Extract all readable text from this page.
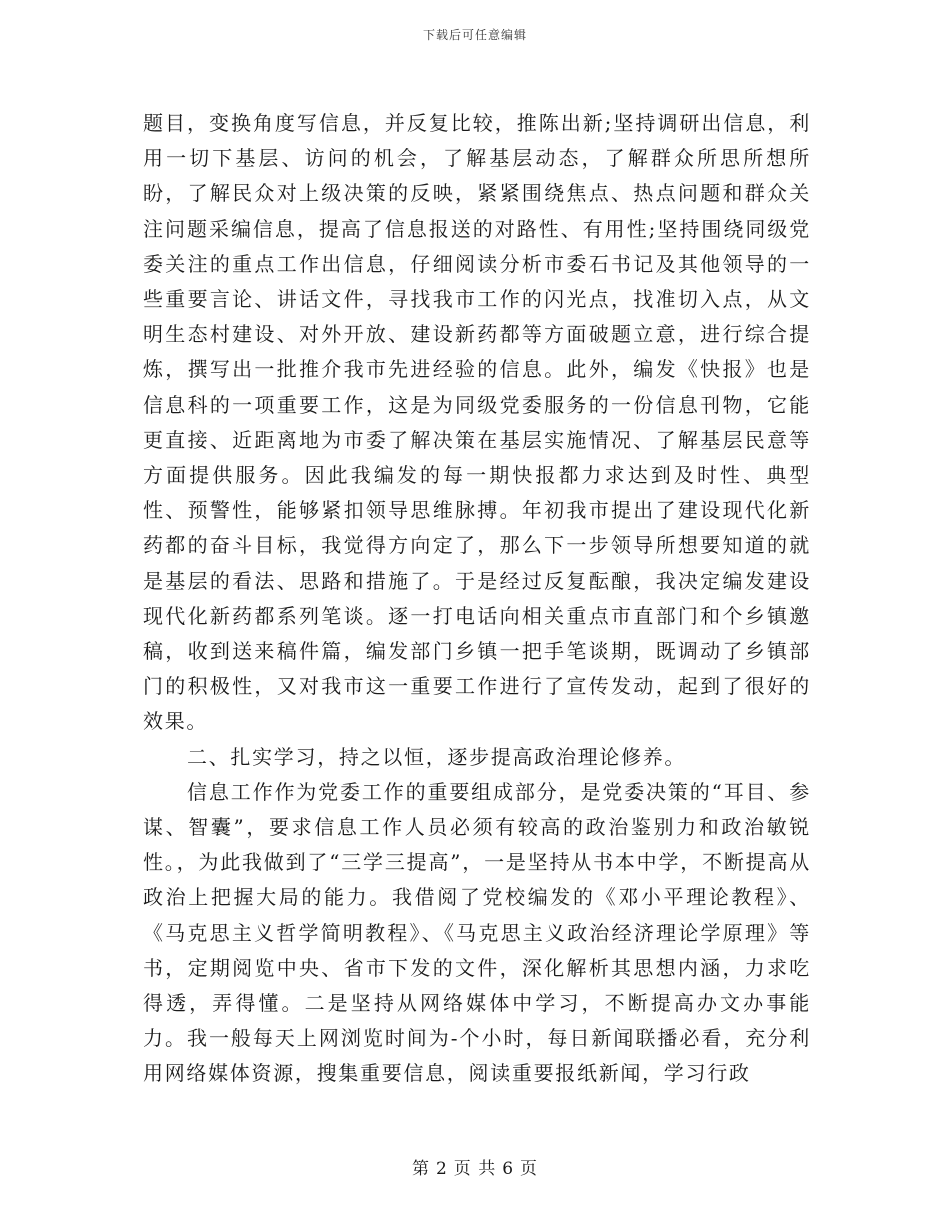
下载后可任意编辑

题目，变换角度写信息，并反复比较，推陈出新;坚持调研出信息，利用一切下基层、访问的机会，了解基层动态，了解群众所思所想所盼，了解民众对上级决策的反映，紧紧围绕焦点、热点问题和群众关注问题采编信息，提高了信息报送的对路性、有用性;坚持围绕同级党委关注的重点工作出信息，仔细阅读分析市委石书记及其他领导的一些重要言论、讲话文件，寻找我市工作的闪光点，找准切入点，从文明生态村建设、对外开放、建设新药都等方面破题立意，进行综合提炼，撰写出一批推介我市先进经验的信息。此外，编发《快报》也是信息科的一项重要工作，这是为同级党委服务的一份信息刊物，它能更直接、近距离地为市委了解决策在基层实施情况、了解基层民意等方面提供服务。因此我编发的每一期快报都力求达到及时性、典型性、预警性，能够紧扣领导思维脉搏。年初我市提出了建设现代化新药都的奋斗目标，我觉得方向定了，那么下一步领导所想要知道的就是基层的看法、思路和措施了。于是经过反复酝酿，我决定编发建设现代化新药都系列笔谈。逐一打电话向相关重点市直部门和个乡镇邀稿，收到送来稿件篇，编发部门乡镇一把手笔谈期，既调动了乡镇部门的积极性，又对我市这一重要工作进行了宣传发动，起到了很好的效果。

二、扎实学习，持之以恒，逐步提高政治理论修养。

信息工作作为党委工作的重要组成部分，是党委决策的“耳目、参谋、智囊”，要求信息工作人员必须有较高的政治鉴别力和政治敏锐性。，为此我做到了“三学三提高”，一是坚持从书本中学，不断提高从政治上把握大局的能力。我借阅了党校编发的《邓小平理论教程》、《马克思主义哲学简明教程》、《马克思主义政治经济理论学原理》等书，定期阅览中央、省市下发的文件，深化解析其思想内涵，力求吃得透，弄得懂。二是坚持从网络媒体中学习，不断提高办文办事能力。我一般每天上网浏览时间为-个小时，每日新闻联播必看，充分利用网络媒体资源，搜集重要信息，阅读重要报纸新闻，学习行政

第 2 页 共 6 页
